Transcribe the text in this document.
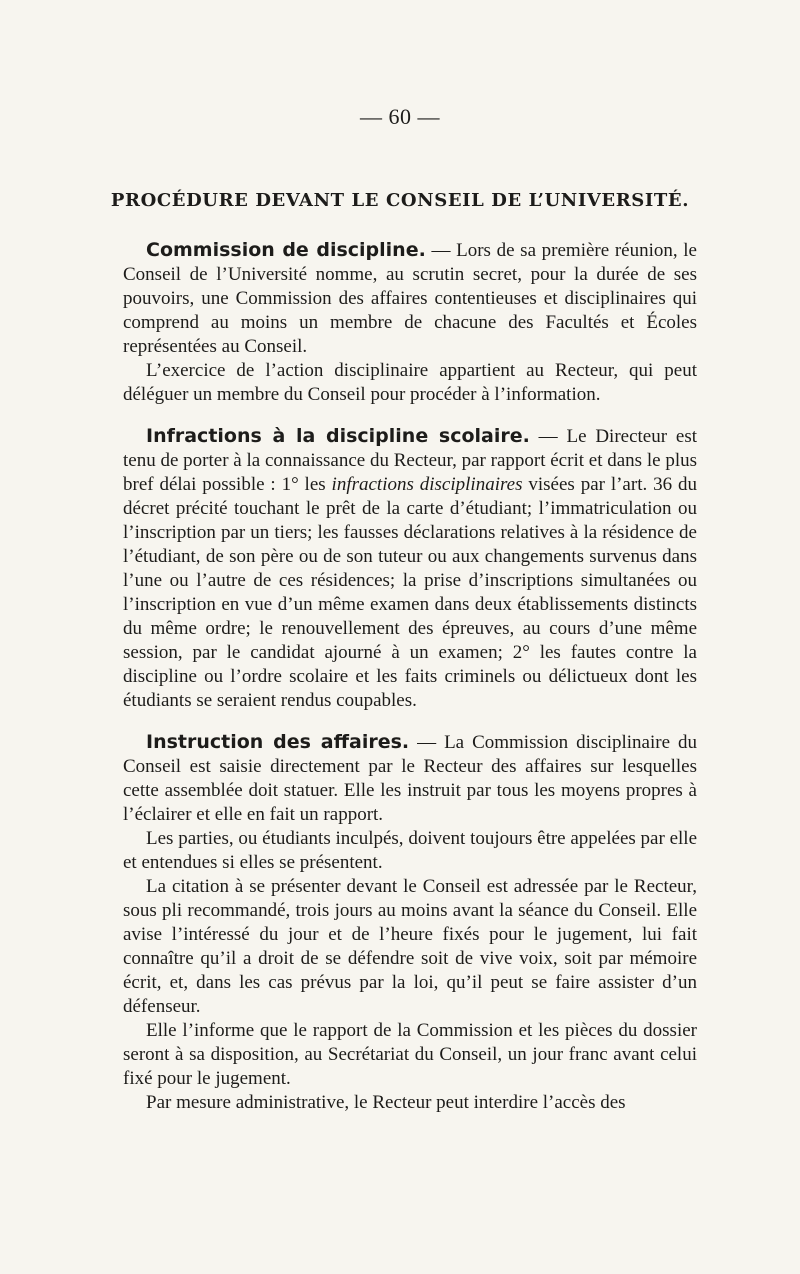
— 60 —
PROCÉDURE DEVANT LE CONSEIL DE L’UNIVERSITÉ.

Commission de discipline. — Lors de sa première réunion, le Conseil de l’Université nomme, au scrutin secret, pour la durée de ses pouvoirs, une Commission des affaires contentieuses et disciplinaires qui comprend au moins un membre de chacune des Facultés et Écoles représentées au Conseil.

L’exercice de l’action disciplinaire appartient au Recteur, qui peut déléguer un membre du Conseil pour procéder à l’information.

Infractions à la discipline scolaire. — Le Directeur est tenu de porter à la connaissance du Recteur, par rapport écrit et dans le plus bref délai possible : 1° les infractions disciplinaires visées par l’art. 36 du décret précité touchant le prêt de la carte d’étudiant; l’immatriculation ou l’inscription par un tiers; les fausses déclarations relatives à la résidence de l’étudiant, de son père ou de son tuteur ou aux changements survenus dans l’une ou l’autre de ces résidences; la prise d’inscriptions simultanées ou l’inscription en vue d’un même examen dans deux établissements distincts du même ordre; le renouvellement des épreuves, au cours d’une même session, par le candidat ajourné à un examen; 2° les fautes contre la discipline ou l’ordre scolaire et les faits criminels ou délictueux dont les étudiants se seraient rendus coupables.

Instruction des affaires. — La Commission disciplinaire du Conseil est saisie directement par le Recteur des affaires sur lesquelles cette assemblée doit statuer. Elle les instruit par tous les moyens propres à l’éclairer et elle en fait un rapport.

Les parties, ou étudiants inculpés, doivent toujours être appelées par elle et entendues si elles se présentent.

La citation à se présenter devant le Conseil est adressée par le Recteur, sous pli recommandé, trois jours au moins avant la séance du Conseil. Elle avise l’intéressé du jour et de l’heure fixés pour le jugement, lui fait connaître qu’il a droit de se défendre soit de vive voix, soit par mémoire écrit, et, dans les cas prévus par la loi, qu’il peut se faire assister d’un défenseur.

Elle l’informe que le rapport de la Commission et les pièces du dossier seront à sa disposition, au Secrétariat du Conseil, un jour franc avant celui fixé pour le jugement.

Par mesure administrative, le Recteur peut interdire l’accès des
